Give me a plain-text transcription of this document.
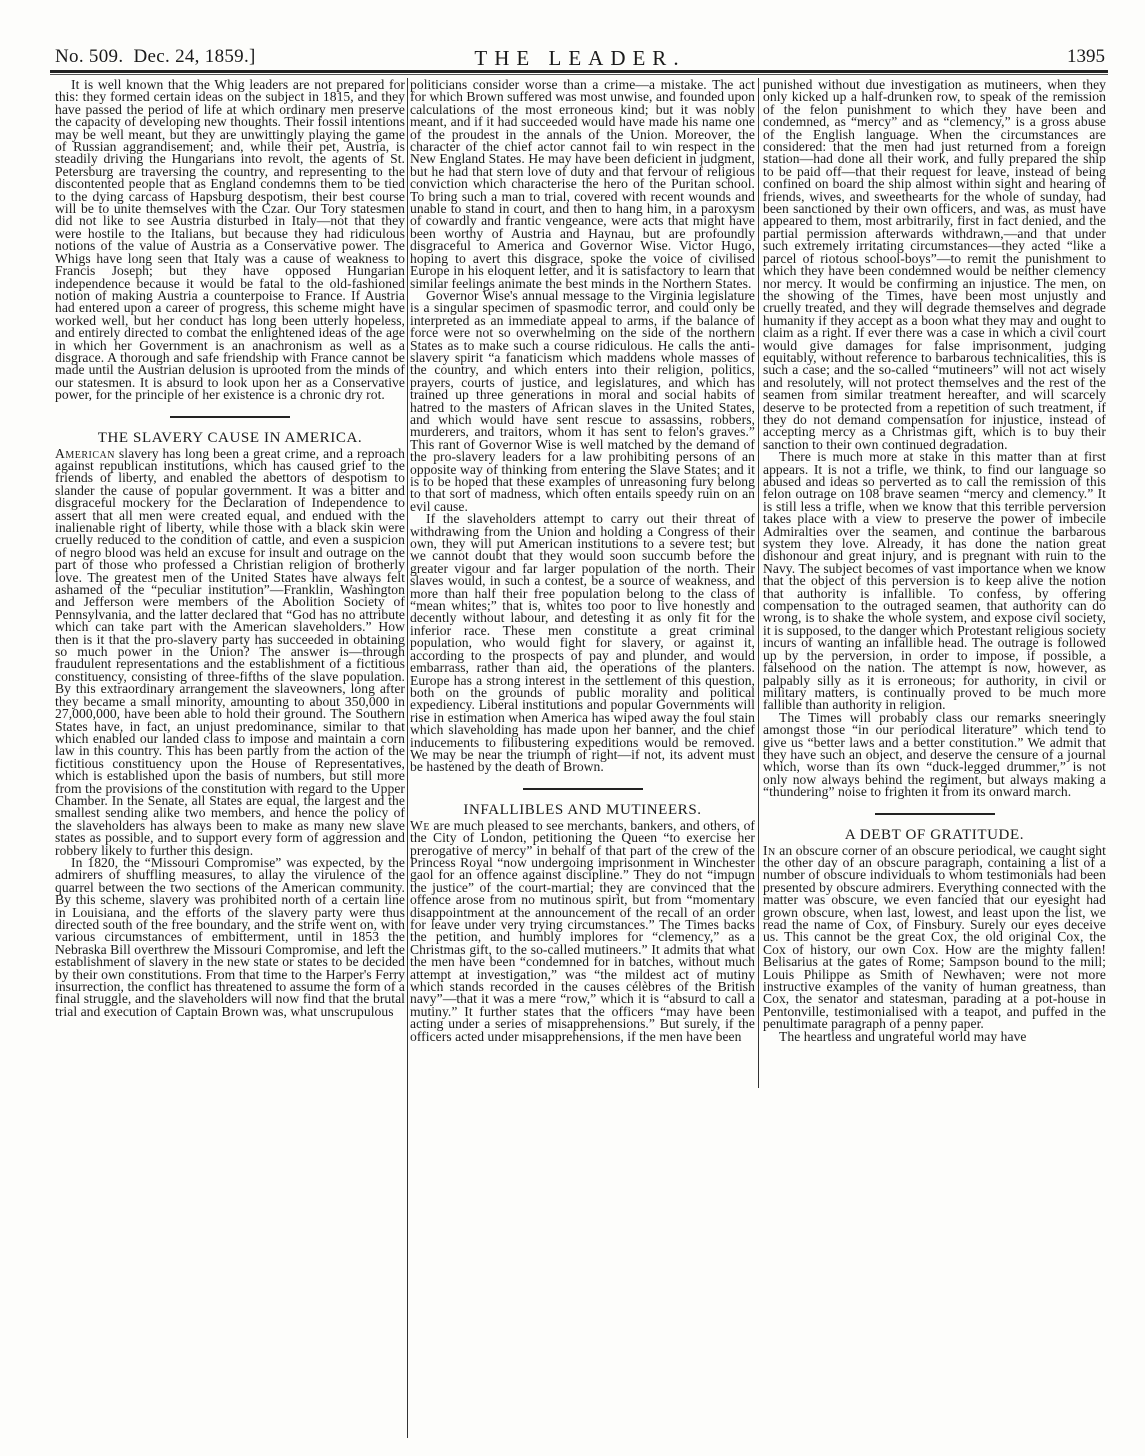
No. 509. Dec. 24, 1859.]	THE LEADER.	1395

It is well known that the Whig leaders are not prepared for this: they formed certain ideas on the subject in 1815, and they have passed the period of life at which ordinary men preserve the capacity of developing new thoughts. Their fossil intentions may be well meant, but they are unwittingly playing the game of Russian aggrandisement; and, while their pet, Austria, is steadily driving the Hungarians into revolt, the agents of St. Petersburg are traversing the country, and representing to the discontented people that as England condemns them to be tied to the dying carcass of Hapsburg despotism, their best course will be to unite themselves with the Czar. Our Tory statesmen did not like to see Austria disturbed in Italy—not that they were hostile to the Italians, but because they had ridiculous notions of the value of Austria as a Conservative power. The Whigs have long seen that Italy was a cause of weakness to Francis Joseph; but they have opposed Hungarian independence because it would be fatal to the old-fashioned notion of making Austria a counterpoise to France. If Austria had entered upon a career of progress, this scheme might have worked well, but her conduct has long been utterly hopeless, and entirely directed to combat the enlightened ideas of the age in which her Government is an anachronism as well as a disgrace. A thorough and safe friendship with France cannot be made until the Austrian delusion is uprooted from the minds of our statesmen. It is absurd to look upon her as a Conservative power, for the principle of her existence is a chronic dry rot.

THE SLAVERY CAUSE IN AMERICA.

American slavery has long been a great crime, and a reproach against republican institutions, which has caused grief to the friends of liberty, and enabled the abettors of despotism to slander the cause of popular government. It was a bitter and disgraceful mockery for the Declaration of Independence to assert that all men were created equal, and endued with the inalienable right of liberty, while those with a black skin were cruelly reduced to the condition of cattle, and even a suspicion of negro blood was held an excuse for insult and outrage on the part of those who professed a Christian religion of brotherly love. The greatest men of the United States have always felt ashamed of the “peculiar institution”—Franklin, Washington and Jefferson were members of the Abolition Society of Pennsylvania, and the latter declared that “God has no attribute which can take part with the American slaveholders.” How then is it that the pro-slavery party has succeeded in obtaining so much power in the Union? The answer is—through fraudulent representations and the establishment of a fictitious constituency, consisting of three-fifths of the slave population. By this extraordinary arrangement the slaveowners, long after they became a small minority, amounting to about 350,000 in 27,000,000, have been able to hold their ground. The Southern States have, in fact, an unjust predominance, similar to that which enabled our landed class to impose and maintain a corn law in this country. This has been partly from the action of the fictitious constituency upon the House of Representatives, which is established upon the basis of numbers, but still more from the provisions of the constitution with regard to the Upper Chamber. In the Senate, all States are equal, the largest and the smallest sending alike two members, and hence the policy of the slaveholders has always been to make as many new slave states as possible, and to support every form of aggression and robbery likely to further this design.

In 1820, the “Missouri Compromise” was expected, by the admirers of shuffling measures, to allay the virulence of the quarrel between the two sections of the American community. By this scheme, slavery was prohibited north of a certain line in Louisiana, and the efforts of the slavery party were thus directed south of the free boundary, and the strife went on, with various circumstances of embitterment, until in 1853 the Nebraska Bill overthrew the Missouri Compromise, and left the establishment of slavery in the new state or states to be decided by their own constitutions. From that time to the Harper's Ferry insurrection, the conflict has threatened to assume the form of a final struggle, and the slaveholders will now find that the brutal trial and execution of Captain Brown was, what unscrupulous

politicians consider worse than a crime—a mistake. The act for which Brown suffered was most unwise, and founded upon calculations of the most erroneous kind; but it was nobly meant, and if it had succeeded would have made his name one of the proudest in the annals of the Union. Moreover, the character of the chief actor cannot fail to win respect in the New England States. He may have been deficient in judgment, but he had that stern love of duty and that fervour of religious conviction which characterise the hero of the Puritan school. To bring such a man to trial, covered with recent wounds and unable to stand in court, and then to hang him, in a paroxysm of cowardly and frantic vengeance, were acts that might have been worthy of Austria and Haynau, but are profoundly disgraceful to America and Governor Wise. Victor Hugo, hoping to avert this disgrace, spoke the voice of civilised Europe in his eloquent letter, and it is satisfactory to learn that similar feelings animate the best minds in the Northern States.

Governor Wise's annual message to the Virginia legislature is a singular specimen of spasmodic terror, and could only be interpreted as an immediate appeal to arms, if the balance of force were not so overwhelming on the side of the northern States as to make such a course ridiculous. He calls the anti-slavery spirit “a fanaticism which maddens whole masses of the country, and which enters into their religion, politics, prayers, courts of justice, and legislatures, and which has trained up three generations in moral and social habits of hatred to the masters of African slaves in the United States, and which would have sent rescue to assassins, robbers, murderers, and traitors, whom it has sent to felon's graves.” This rant of Governor Wise is well matched by the demand of the pro-slavery leaders for a law prohibiting persons of an opposite way of thinking from entering the Slave States; and it is to be hoped that these examples of unreasoning fury belong to that sort of madness, which often entails speedy ruin on an evil cause.

If the slaveholders attempt to carry out their threat of withdrawing from the Union and holding a Congress of their own, they will put American institutions to a severe test; but we cannot doubt that they would soon succumb before the greater vigour and far larger population of the north. Their slaves would, in such a contest, be a source of weakness, and more than half their free population belong to the class of “mean whites;” that is, whites too poor to live honestly and decently without labour, and detesting it as only fit for the inferior race. These men constitute a great criminal population, who would fight for slavery, or against it, according to the prospects of pay and plunder, and would embarrass, rather than aid, the operations of the planters. Europe has a strong interest in the settlement of this question, both on the grounds of public morality and political expediency. Liberal institutions and popular Governments will rise in estimation when America has wiped away the foul stain which slaveholding has made upon her banner, and the chief inducements to filibustering expeditions would be removed. We may be near the triumph of right—if not, its advent must be hastened by the death of Brown.

INFALLIBLES AND MUTINEERS.

We are much pleased to see merchants, bankers, and others, of the City of London, petitioning the Queen “to exercise her prerogative of mercy” in behalf of that part of the crew of the Princess Royal “now undergoing imprisonment in Winchester gaol for an offence against discipline.” They do not “impugn the justice” of the court-martial; they are convinced that the offence arose from no mutinous spirit, but from “momentary disappointment at the announcement of the recall of an order for leave under very trying circumstances.” The Times backs the petition, and humbly implores for “clemency,” as a Christmas gift, to the so-called mutineers.” It admits that what the men have been “condemned for in batches, without much attempt at investigation,” was “the mildest act of mutiny which stands recorded in the causes célèbres of the British navy”—that it was a mere “row,” which it is “absurd to call a mutiny.” It further states that the officers “may have been acting under a series of misapprehensions.” But surely, if the officers acted under misapprehensions, if the men have been

punished without due investigation as mutineers, when they only kicked up a half-drunken row, to speak of the remission of the felon punishment to which they have been and condemned, as “mercy” and as “clemency,” is a gross abuse of the English language. When the circumstances are considered: that the men had just returned from a foreign station—had done all their work, and fully prepared the ship to be paid off—that their request for leave, instead of being confined on board the ship almost within sight and hearing of friends, wives, and sweethearts for the whole of sunday, had been sanctioned by their own officers, and was, as must have appeared to them, most arbitrarily, first in fact denied, and the partial permission afterwards withdrawn,—and that under such extremely irritating circumstances—they acted “like a parcel of riotous school-boys”—to remit the punishment to which they have been condemned would be neither clemency nor mercy. It would be confirming an injustice. The men, on the showing of the Times, have been most unjustly and cruelly treated, and they will degrade themselves and degrade humanity if they accept as a boon what they may and ought to claim as a right. If ever there was a case in which a civil court would give damages for false imprisonment, judging equitably, without reference to barbarous technicalities, this is such a case; and the so-called “mutineers” will not act wisely and resolutely, will not protect themselves and the rest of the seamen from similar treatment hereafter, and will scarcely deserve to be protected from a repetition of such treatment, if they do not demand compensation for injustice, instead of accepting mercy as a Christmas gift, which is to buy their sanction to their own continued degradation.

There is much more at stake in this matter than at first appears. It is not a trifle, we think, to find our language so abused and ideas so perverted as to call the remission of this felon outrage on 108 brave seamen “mercy and clemency.” It is still less a trifle, when we know that this terrible perversion takes place with a view to preserve the power of imbecile Admiralties over the seamen, and continue the barbarous system they love. Already, it has done the nation great dishonour and great injury, and is pregnant with ruin to the Navy. The subject becomes of vast importance when we know that the object of this perversion is to keep alive the notion that authority is infallible. To confess, by offering compensation to the outraged seamen, that authority can do wrong, is to shake the whole system, and expose civil society, it is supposed, to the danger which Protestant religious society incurs of wanting an infallible head. The outrage is followed up by the perversion, in order to impose, if possible, a falsehood on the nation. The attempt is now, however, as palpably silly as it is erroneous; for authority, in civil or military matters, is continually proved to be much more fallible than authority in religion.

The Times will probably class our remarks sneeringly amongst those “in our periodical literature” which tend to give us “better laws and a better constitution.” We admit that they have such an object, and deserve the censure of a journal which, worse than its own “duck-legged drummer,” is not only now always behind the regiment, but always making a “thundering” noise to frighten it from its onward march.

A DEBT OF GRATITUDE.

In an obscure corner of an obscure periodical, we caught sight the other day of an obscure paragraph, containing a list of a number of obscure individuals to whom testimonials had been presented by obscure admirers. Everything connected with the matter was obscure, we even fancied that our eyesight had grown obscure, when last, lowest, and least upon the list, we read the name of Cox, of Finsbury. Surely our eyes deceive us. This cannot be the great Cox, the old original Cox, the Cox of history, our own Cox. How are the mighty fallen! Belisarius at the gates of Rome; Sampson bound to the mill; Louis Philippe as Smith of Newhaven; were not more instructive examples of the vanity of human greatness, than Cox, the senator and statesman, parading at a pot-house in Pentonville, testimonialised with a teapot, and puffed in the penultimate paragraph of a penny paper.

The heartless and ungrateful world may have
